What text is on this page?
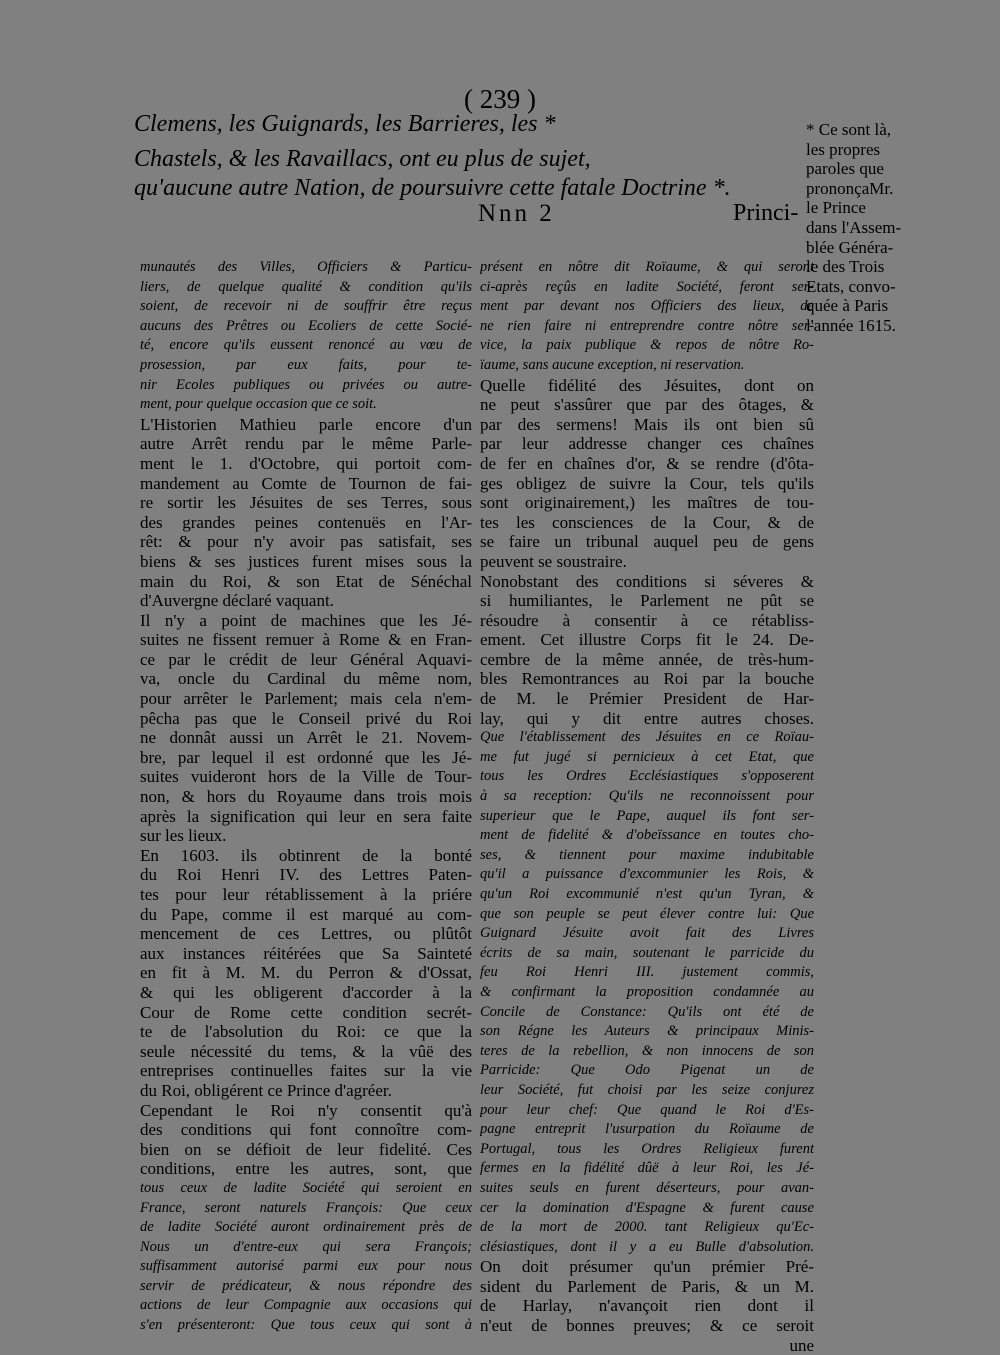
( 239 )
Clemens, les Guignards, les Barrieres, les *
Chastels, & les Ravaillacs, ont eu plus de sujet,
qu'aucune autre Nation, de poursuivre cette fatale Doctrine *.
Nnn 2	Princi-
* Ce sont là,
les propres
paroles que
prononçaMr.
le Prince
dans l'Assem-
blée Généra-
le des Trois
Etats, convo-
quée à Paris
l'année 1615.
munautés des Villes, Officiers & Particu-
liers, de quelque qualité & condition qu'ils
soient, de recevoir ni de souffrir être reçus
aucuns des Prêtres ou Ecoliers de cette Socié-
té, encore qu'ils eussent renoncé au vœu de
prosession, par eux faits, pour te-
nir Ecoles publiques ou privées ou autre-
ment, pour quelque occasion que ce soit.
L'Historien Mathieu parle encore d'un
autre Arrêt rendu par le même Parle-
ment le 1. d'Octobre, qui portoit com-
mandement au Comte de Tournon de fai-
re sortir les Jésuites de ses Terres, sous
des grandes peines contenuës en l'Ar-
rêt: & pour n'y avoir pas satisfait, ses
biens & ses justices furent mises sous la
main du Roi, & son Etat de Sénéchal
d'Auvergne déclaré vaquant.
Il n'y a point de machines que les Jé-
suites ne fissent remuer à Rome & en Fran-
ce par le crédit de leur Général Aquavi-
va, oncle du Cardinal du même nom,
pour arrêter le Parlement; mais cela n'em-
pêcha pas que le Conseil privé du Roi
ne donnât aussi un Arrêt le 21. Novem-
bre, par lequel il est ordonné que les Jé-
suites vuideront hors de la Ville de Tour-
non, & hors du Royaume dans trois mois
après la signification qui leur en sera faite
sur les lieux.
En 1603. ils obtinrent de la bonté
du Roi Henri IV. des Lettres Paten-
tes pour leur rétablissement à la priére
du Pape, comme il est marqué au com-
mencement de ces Lettres, ou plûtôt
aux instances réitérées que Sa Sainteté
en fit à M. M. du Perron & d'Ossat,
& qui les obligerent d'accorder à la
Cour de Rome cette condition secrét-
te de l'absolution du Roi: ce que la
seule nécessité du tems, & la vûë des
entreprises continuelles faites sur la vie
du Roi, obligérent ce Prince d'agréer.
Cependant le Roi n'y consentit qu'à
des conditions qui font connoître com-
bien on se défioit de leur fidelité. Ces
conditions, entre les autres, sont, que
tous ceux de ladite Société qui seroient en
France, seront naturels François: Que ceux
de ladite Société auront ordinairement près de
Nous un d'entre-eux qui sera François;
suffisamment autorisé parmi eux pour nous
servir de prédicateur, & nous répondre des
actions de leur Compagnie aux occasions qui
s'en présenteront: Que tous ceux qui sont à
présent en nôtre dit Roïaume, & qui seront
ci-après reçûs en ladite Société, feront ser-
ment par devant nos Officiers des lieux, de
ne rien faire ni entreprendre contre nôtre ser-
vice, la paix publique & repos de nôtre Ro-
ïaume, sans aucune exception, ni reservation.
Quelle fidélité des Jésuites, dont on
ne peut s'assûrer que par des ôtages, &
par des sermens! Mais ils ont bien sû
par leur addresse changer ces chaînes
de fer en chaînes d'or, & se rendre (d'ôta-
ges obligez de suivre la Cour, tels qu'ils
sont originairement,) les maîtres de tou-
tes les consciences de la Cour, & de
se faire un tribunal auquel peu de gens
peuvent se soustraire.
Nonobstant des conditions si séveres &
si humiliantes, le Parlement ne pût se
résoudre à consentir à ce rétabliss-
ement. Cet illustre Corps fit le 24. De-
cembre de la même année, de très-hum-
bles Remontrances au Roi par la bouche
de M. le Prémier President de Har-
lay, qui y dit entre autres choses.
Que l'établissement des Jésuites en ce Roïau-
me fut jugé si pernicieux à cet Etat, que
tous les Ordres Ecclésiastiques s'opposerent
à sa reception: Qu'ils ne reconnoissent pour
superieur que le Pape, auquel ils font ser-
ment de fidelité & d'obeïssance en toutes cho-
ses, & tiennent pour maxime indubitable
qu'il a puissance d'excommunier les Rois, &
qu'un Roi excommunié n'est qu'un Tyran, &
que son peuple se peut élever contre lui: Que
Guignard Jésuite avoit fait des Livres
écrits de sa main, soutenant le parricide du
feu Roi Henri III. justement commis,
& confirmant la proposition condamnée au
Concile de Constance: Qu'ils ont été de
son Régne les Auteurs & principaux Minis-
teres de la rebellion, & non innocens de son
Parricide: Que Odo Pigenat un de
leur Société, fut choisi par les seize conjurez
pour leur chef: Que quand le Roi d'Es-
pagne entreprit l'usurpation du Roïaume de
Portugal, tous les Ordres Religieux furent
fermes en la fidélité dûë à leur Roi, les Jé-
suites seuls en furent déserteurs, pour avan-
cer la domination d'Espagne & furent cause
de la mort de 2000. tant Religieux qu'Ec-
clésiastiques, dont il y a eu Bulle d'absolution.
On doit présumer qu'un prémier Pré-
sident du Parlement de Paris, & un M.
de Harlay, n'avançoit rien dont il
n'eut de bonnes preuves; & ce seroit
une
